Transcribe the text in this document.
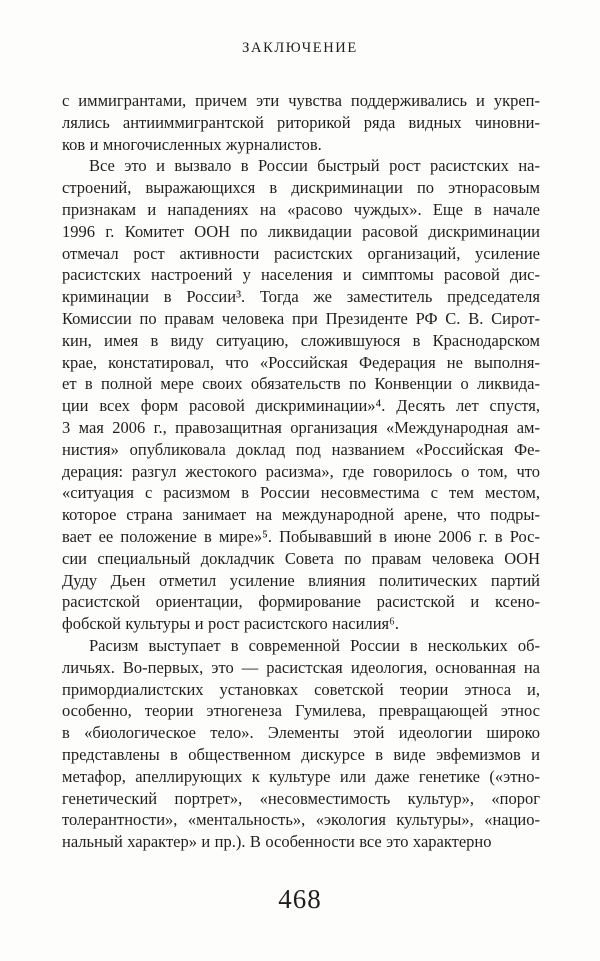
ЗАКЛЮЧЕНИЕ
с иммигрантами, причем эти чувства поддерживались и укреп-
лялись антииммигрантской риторикой ряда видных чиновни-
ков и многочисленных журналистов.
Все это и вызвало в России быстрый рост расистских на-
строений, выражающихся в дискриминации по этнорасовым
признакам и нападениях на «расово чуждых». Еще в начале
1996 г. Комитет ООН по ликвидации расовой дискриминации
отмечал рост активности расистских организаций, усиление
расистских настроений у населения и симптомы расовой дис-
криминации в России³. Тогда же заместитель председателя
Комиссии по правам человека при Президенте РФ С. В. Сирот-
кин, имея в виду ситуацию, сложившуюся в Краснодарском
крае, констатировал, что «Российская Федерация не выполня-
ет в полной мере своих обязательств по Конвенции о ликвида-
ции всех форм расовой дискриминации»⁴. Десять лет спустя,
3 мая 2006 г., правозащитная организация «Международная ам-
нистия» опубликовала доклад под названием «Российская Фе-
дерация: разгул жестокого расизма», где говорилось о том, что
«ситуация с расизмом в России несовместима с тем местом,
которое страна занимает на международной арене, что подры-
вает ее положение в мире»⁵. Побывавший в июне 2006 г. в Рос-
сии специальный докладчик Совета по правам человека ООН
Дуду Дьен отметил усиление влияния политических партий
расистской ориентации, формирование расистской и ксено-
фобской культуры и рост расистского насилия⁶.
Расизм выступает в современной России в нескольких об-
личьях. Во-первых, это — расистская идеология, основанная на
примордиалистских установках советской теории этноса и,
особенно, теории этногенеза Гумилева, превращающей этнос
в «биологическое тело». Элементы этой идеологии широко
представлены в общественном дискурсе в виде эвфемизмов и
метафор, апеллирующих к культуре или даже генетике («этно-
генетический портрет», «несовместимость культур», «порог
толерантности», «ментальность», «экология культуры», «нацио-
нальный характер» и пр.). В особенности все это характерно
468
